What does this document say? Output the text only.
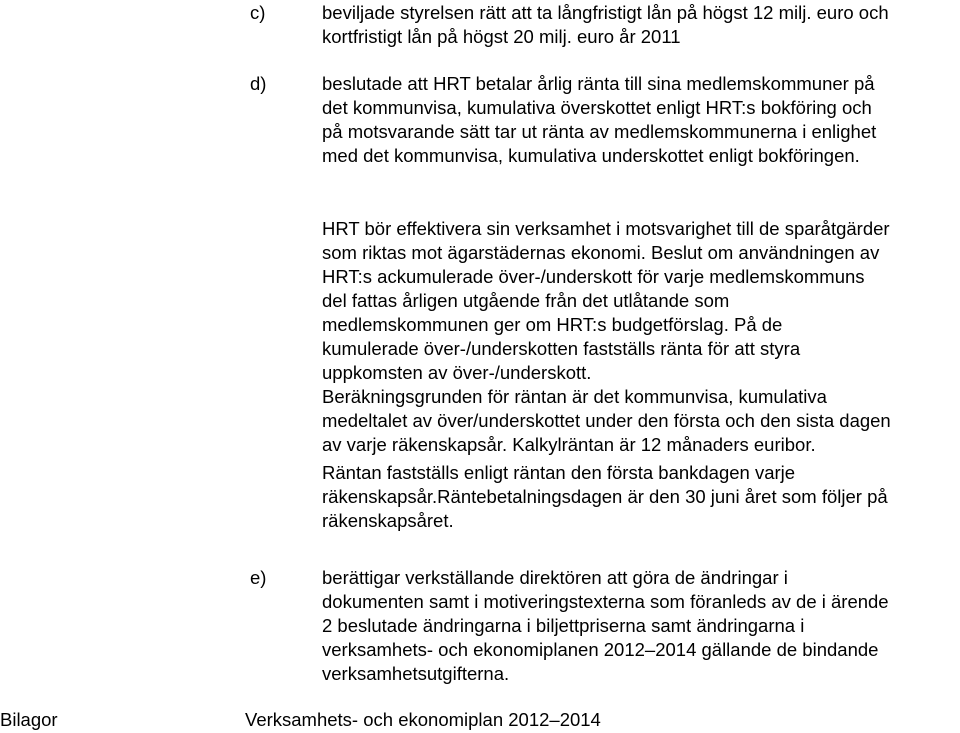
c)	beviljade styrelsen rätt att ta långfristigt lån på högst 12 milj. euro och
kortfristigt lån på högst 20 milj. euro år 2011
d)	beslutade att HRT betalar årlig ränta till sina medlemskommuner på
det kommunvisa, kumulativa överskottet enligt HRT:s bokföring och
på motsvarande sätt tar ut ränta av medlemskommunerna i enlighet
med det kommunvisa, kumulativa underskottet enligt bokföringen.
HRT bör effektivera sin verksamhet i motsvarighet till de sparåtgärder
som riktas mot ägarstädernas ekonomi. Beslut om användningen av
HRT:s ackumulerade över-/underskott för varje medlemskommuns
del fattas årligen utgående från det utlåtande som
medlemskommunen ger om HRT:s budgetförslag. På de
kumulerade över-/underskotten fastställs ränta för att styra
uppkomsten av över-/underskott.
Beräkningsgrunden för räntan är det kommunvisa, kumulativa
medeltalet av över/underskottet under den första och den sista dagen
av varje räkenskapsår. Kalkylräntan är 12 månaders euribor.
Räntan fastställs enligt räntan den första bankdagen varje
räkenskapsår.Räntebetalningsdagen är den 30 juni året som följer på
räkenskapsåret.
e)	berättigar verkställande direktören att göra de ändringar i
dokumenten samt i motiveringstexterna som föranleds av de i ärende
2 beslutade ändringarna i biljettpriserna samt ändringarna i
verksamhets- och ekonomiplanen 2012–2014 gällande de bindande
verksamhetsutgifterna.
Bilagor	Verksamhets- och ekonomiplan 2012–2014
